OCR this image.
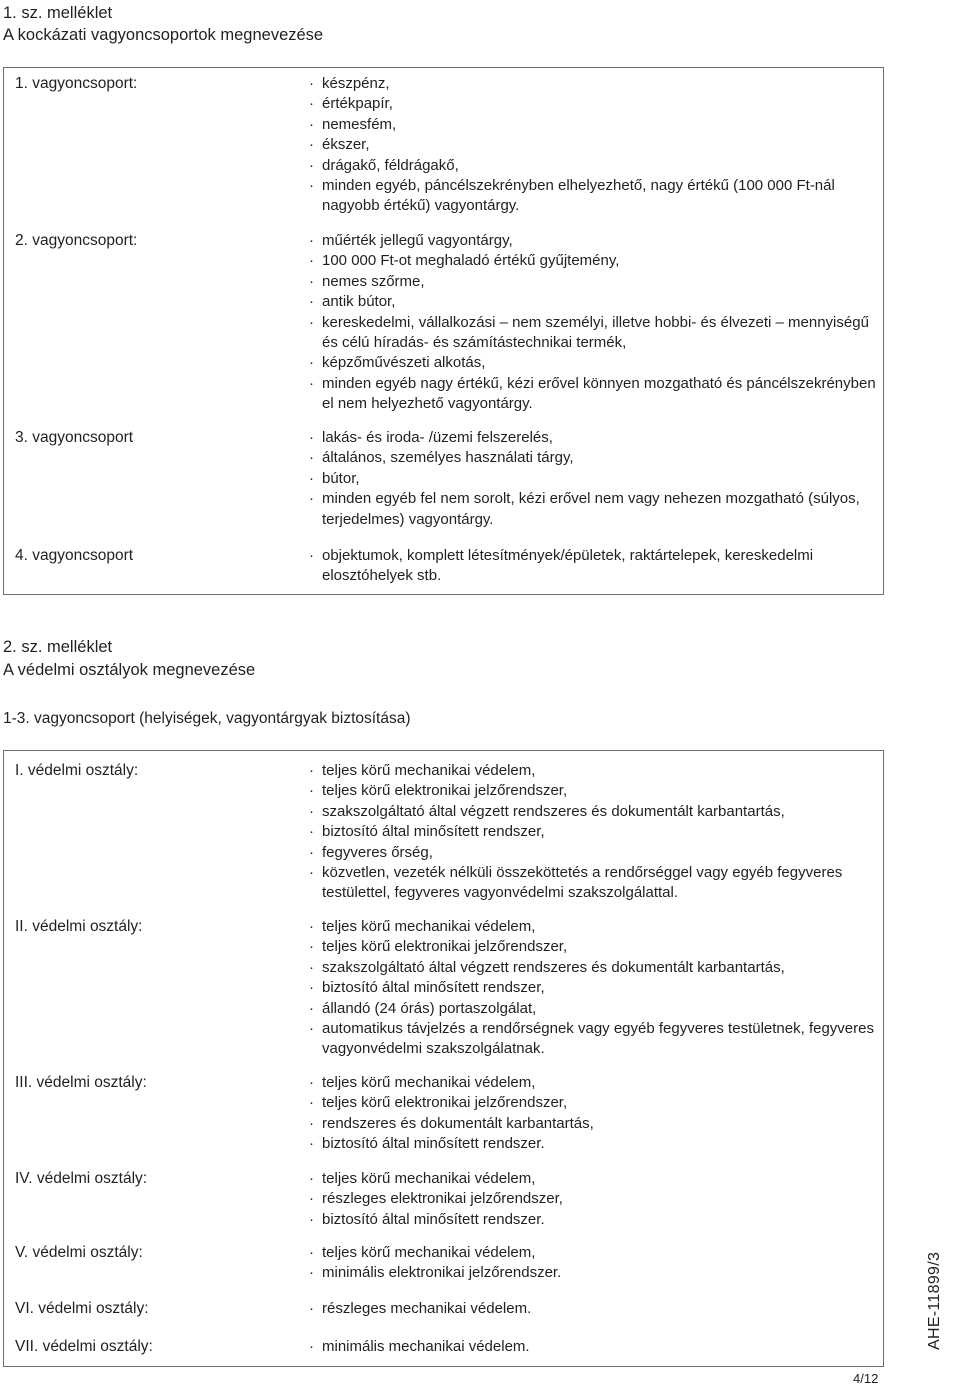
1. sz. melléklet
A kockázati vagyoncsoportok megnevezése
1. vagyoncsoport:	· készpénz,
· értékpapír,
· nemesfém,
· ékszer,
· drágakő, féldrágakő,
· minden egyéb, páncélszekrényben elhelyezhető, nagy értékű (100 000 Ft-nál nagyobb értékű) vagyontárgy.
2. vagyoncsoport:	· műérték jellegű vagyontárgy,
· 100 000 Ft-ot meghaladó értékű gyűjtemény,
· nemes szőrme,
· antik bútor,
· kereskedelmi, vállalkozási – nem személyi, illetve hobbi- és élvezeti – mennyiségű és célú híradás- és számítástechnikai termék,
· képzőművészeti alkotás,
· minden egyéb nagy értékű, kézi erővel könnyen mozgatható és páncélszekrényben el nem helyezhető vagyontárgy.
3. vagyoncsoport	· lakás- és iroda- /üzemi felszerelés,
· általános, személyes használati tárgy,
· bútor,
· minden egyéb fel nem sorolt, kézi erővel nem vagy nehezen mozgatható (súlyos, terjedelmes) vagyontárgy.
4. vagyoncsoport	· objektumok, komplett létesítmények/épületek, raktártelepek, kereskedelmi elosztóhelyek stb.
2. sz. melléklet
A védelmi osztályok megnevezése
1-3. vagyoncsoport (helyiségek, vagyontárgyak biztosítása)
I. védelmi osztály:	· teljes körű mechanikai védelem,
· teljes körű elektronikai jelzőrendszer,
· szakszolgáltató által végzett rendszeres és dokumentált karbantartás,
· biztosító által minősített rendszer,
· fegyveres őrség,
· közvetlen, vezeték nélküli összeköttetés a rendőrséggel vagy egyéb fegyveres testülettel, fegyveres vagyonvédelmi szakszolgálattal.
II. védelmi osztály:	· teljes körű mechanikai védelem,
· teljes körű elektronikai jelzőrendszer,
· szakszolgáltató által végzett rendszeres és dokumentált karbantartás,
· biztosító által minősített rendszer,
· állandó (24 órás) portaszolgálat,
· automatikus távjelzés a rendőrségnek vagy egyéb fegyveres testületnek, fegyveres vagyonvédelmi szakszolgálatnak.
III. védelmi osztály:	· teljes körű mechanikai védelem,
· teljes körű elektronikai jelzőrendszer,
· rendszeres és dokumentált karbantartás,
· biztosító által minősített rendszer.
IV. védelmi osztály:	· teljes körű mechanikai védelem,
· részleges elektronikai jelzőrendszer,
· biztosító által minősített rendszer.
V. védelmi osztály:	· teljes körű mechanikai védelem,
· minimális elektronikai jelzőrendszer.
VI. védelmi osztály:	· részleges mechanikai védelem.
VII. védelmi osztály:	· minimális mechanikai védelem.	AHE-11899/3
4/12
